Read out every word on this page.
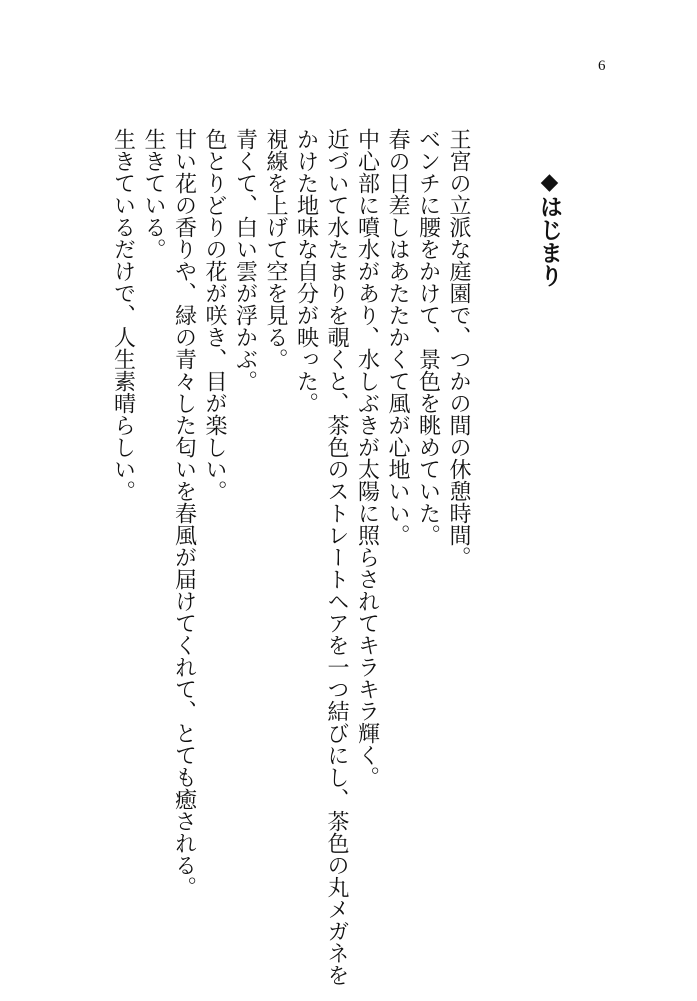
6
◆はじまり
王宮の立派な庭園で、つかの間の休憩時間。
ベンチに腰をかけて、景色を眺めていた。
春の日差しはあたたかくて風が心地いい。
中心部に噴水があり、水しぶきが太陽に照らされてキラキラ輝く。
近づいて水たまりを覗くと、茶色のストレートヘアを一つ結びにし、茶色の丸メガネを
かけた地味な自分が映った。
視線を上げて空を見る。
青くて、白い雲が浮かぶ。
色とりどりの花が咲き、目が楽しい。
甘い花の香りや、緑の青々した匂いを春風が届けてくれて、とても癒される。
生きている。
生きているだけで、人生素晴らしい。
